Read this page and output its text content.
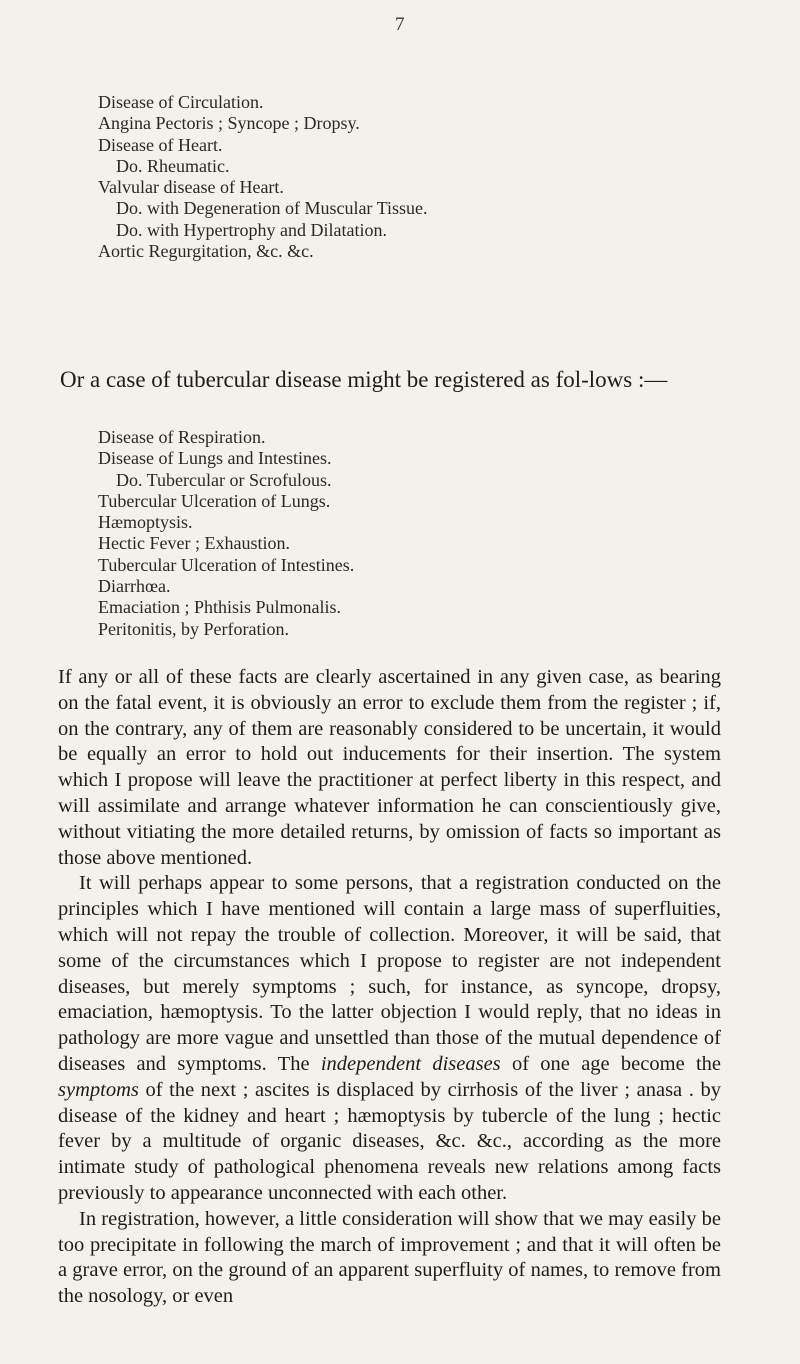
7
Disease of Circulation.
Angina Pectoris ; Syncope ; Dropsy.
Disease of Heart.
Do. Rheumatic.
Valvular disease of Heart.
Do. with Degeneration of Muscular Tissue.
Do. with Hypertrophy and Dilatation.
Aortic Regurgitation, &c. &c.
Or a case of tubercular disease might be registered as fol-lows :—
Disease of Respiration.
Disease of Lungs and Intestines.
Do. Tubercular or Scrofulous.
Tubercular Ulceration of Lungs.
Hæmoptysis.
Hectic Fever ; Exhaustion.
Tubercular Ulceration of Intestines.
Diarrhœa.
Emaciation ; Phthisis Pulmonalis.
Peritonitis, by Perforation.

If any or all of these facts are clearly ascertained in any given case, as bearing on the fatal event, it is obviously an error to exclude them from the register ; if, on the contrary, any of them are reasonably considered to be uncertain, it would be equally an error to hold out inducements for their insertion. The system which I propose will leave the practitioner at perfect liberty in this respect, and will assimilate and arrange whatever information he can conscientiously give, without vitiating the more detailed returns, by omission of facts so important as those above mentioned.

It will perhaps appear to some persons, that a registration conducted on the principles which I have mentioned will contain a large mass of superfluities, which will not repay the trouble of collection. Moreover, it will be said, that some of the circumstances which I propose to register are not independent diseases, but merely symptoms ; such, for instance, as syncope, dropsy, emaciation, hæmoptysis. To the latter objection I would reply, that no ideas in pathology are more vague and unsettled than those of the mutual dependence of diseases and symptoms. The independent diseases of one age become the symptoms of the next ; ascites is displaced by cirrhosis of the liver ; anasa . by disease of the kidney and heart ; hæmoptysis by tubercle of the lung ; hectic fever by a multitude of organic diseases, &c. &c., according as the more intimate study of pathological phenomena reveals new relations among facts previously to appearance unconnected with each other.

In registration, however, a little consideration will show that we may easily be too precipitate in following the march of improvement ; and that it will often be a grave error, on the ground of an apparent superfluity of names, to remove from the nosology, or even
